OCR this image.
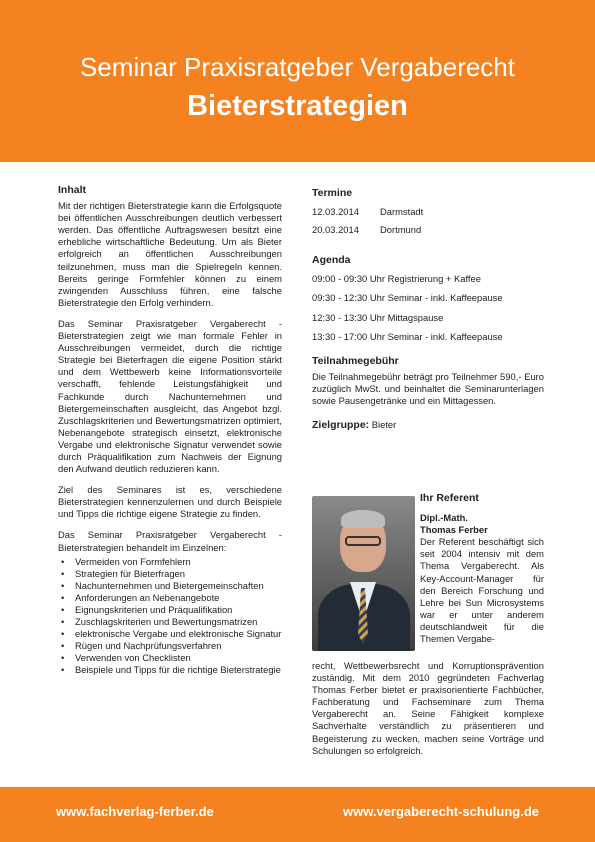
Seminar Praxisratgeber Vergaberecht
Bieterstrategien
Inhalt

Mit der richtigen Bieterstrategie kann die Erfolgsquote bei öffentlichen Ausschreibungen deutlich verbessert werden. Das öffentliche Auftragswesen besitzt eine erhebliche wirtschaftliche Bedeutung. Um als Bieter erfolgreich an öffentlichen Ausschreibungen teilzunehmen, muss man die Spielregeln kennen. Bereits geringe Formfehler können zu einem zwingenden Ausschluss führen, eine falsche Bieterstrategie den Erfolg verhindern.

Das Seminar Praxisratgeber Vergaberecht - Bieterstrategien zeigt wie man formale Fehler in Ausschreibungen vermeidet, durch die richtige Strategie bei Bieterfragen die eigene Position stärkt und dem Wettbewerb keine Informationsvorteile verschafft, fehlende Leistungsfähigkeit und Fachkunde durch Nachunternehmen und Bietergemeinschaften ausgleicht, das Angebot bzgl. Zuschlagskriterien und Bewertungsmatrizen optimiert, Nebenangebote strategisch einsetzt, elektronische Vergabe und elektronische Signatur verwendet sowie durch Präqualifikation zum Nachweis der Eignung den Aufwand deutlich reduzieren kann.

Ziel des Seminares ist es, verschiedene Bieterstrategien kennenzulernen und durch Beispiele und Tipps die richtige eigene Strategie zu finden.

Das Seminar Praxisratgeber Vergaberecht - Bieterstrategien behandelt im Einzelnen:

• Vermeiden von Formfehlern
• Strategien für Bieterfragen
• Nachunternehmen und Bietergemeinschaften
• Anforderungen an Nebenangebote
• Eignungskriterien und Präqualifikation
• Zuschlagskriterien und Bewertungsmatrizen
• elektronische Vergabe und elektronische Signatur
• Rügen und Nachprüfungsverfahren
• Verwenden von Checklisten
• Beispiele und Tipps für die richtige Bieterstrategie
Termine
12.03.2014	Darmstadt
20.03.2014	Dortmund
Agenda
09:00 - 09:30 Uhr Registrierung + Kaffee
09:30 - 12:30 Uhr Seminar - inkl. Kaffeepause
12:30 - 13:30 Uhr Mittagspause
13:30 - 17:00 Uhr Seminar - inkl. Kaffeepause
Teilnahmegebühr

Die Teilnahmegebühr beträgt pro Teilnehmer 590,- Euro zuzüglich MwSt. und beinhaltet die Seminarunterlagen sowie Pausengetränke und ein Mittagessen.

Zielgruppe: Bieter
Ihr Referent
Dipl.-Math.
Thomas Ferber
Der Referent beschäftigt sich seit 2004 intensiv mit dem Thema Vergaberecht. Als Key-Account-Manager für den Bereich Forschung und Lehre bei Sun Microsystems war er unter anderem deutschlandweit für die Themen Vergabe-
recht, Wettbewerbsrecht und Korruptionsprävention zuständig. Mit dem 2010 gegründeten Fachverlag Thomas Ferber bietet er praxisorientierte Fachbücher, Fachberatung und Fachseminare zum Thema Vergaberecht an. Seine Fähigkeit komplexe Sachverhalte verständlich zu präsentieren und Begeisterung zu wecken, machen seine Vorträge und Schulungen so erfolgreich.
www.fachverlag-ferber.de	www.vergaberecht-schulung.de
